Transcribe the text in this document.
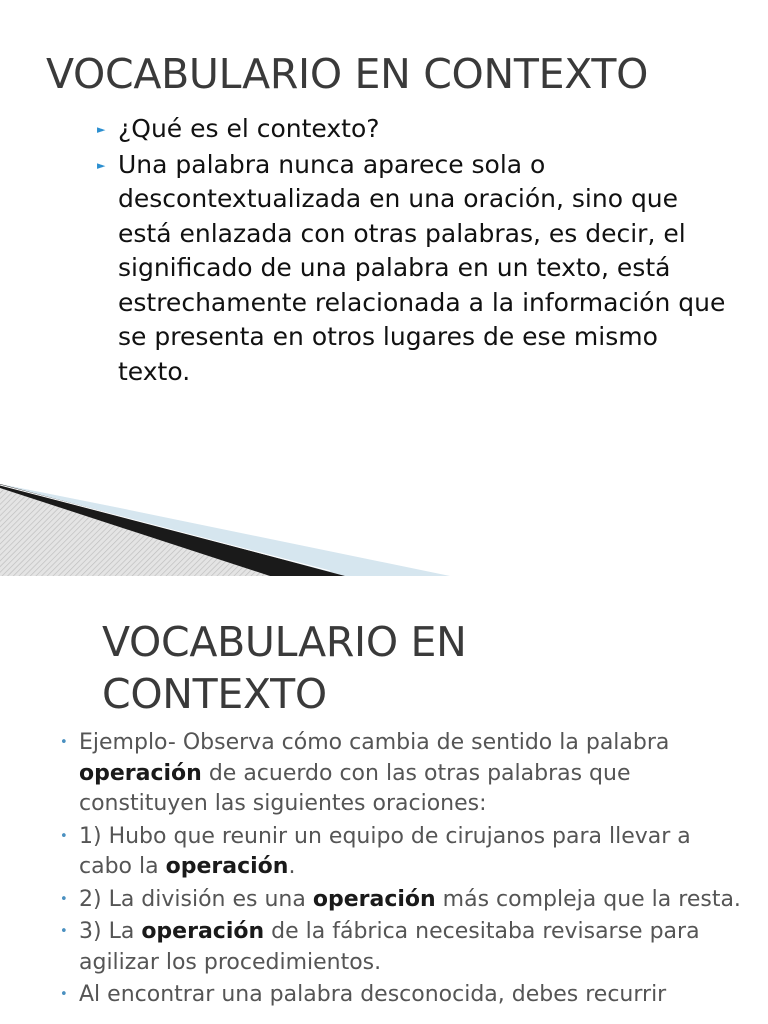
VOCABULARIO EN CONTEXTO
► ¿Qué es el contexto?
► Una palabra nunca aparece sola o descontextualizada en una oración, sino que está enlazada con otras palabras, es decir, el significado de una palabra en un texto, está estrechamente relacionada a la información que se presenta en otros lugares de ese mismo texto.
VOCABULARIO EN
CONTEXTO
• Ejemplo- Observa cómo cambia de sentido la palabra operación de acuerdo con las otras palabras que constituyen las siguientes oraciones:
• 1) Hubo que reunir un equipo de cirujanos para llevar a cabo la operación.
• 2) La división es una operación más compleja que la resta.
• 3) La operación de la fábrica necesitaba revisarse para agilizar los procedimientos.
• Al encontrar una palabra desconocida, debes recurrir
